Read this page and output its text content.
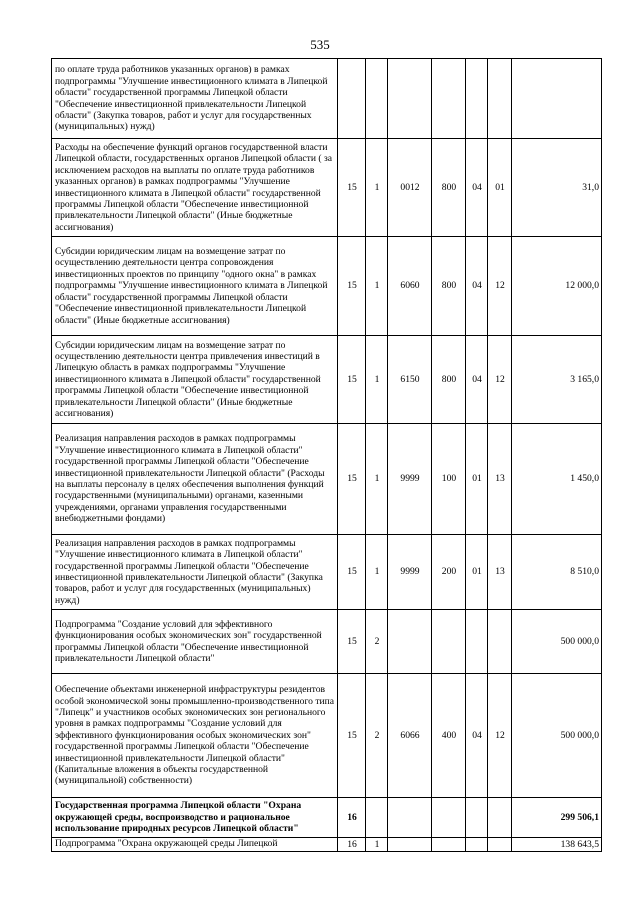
535
по оплате труда работников указанных органов) в рамках подпрограммы "Улучшение инвестиционного климата в Липецкой области" государственной программы Липецкой области "Обеспечение инвестиционной привлекательности Липецкой области" (Закупка товаров, работ и услуг для государственных (муниципальных) нужд)							
Расходы на обеспечение функций органов государственной власти Липецкой области, государственных органов Липецкой области ( за исключением расходов на выплаты по оплате труда работников указанных органов) в рамках подпрограммы "Улучшение инвестиционного климата в Липецкой области" государственной программы Липецкой области "Обеспечение инвестиционной привлекательности Липецкой области" (Иные бюджетные ассигнования)	15	1	0012	800	04	01	31,0
Субсидии юридическим лицам на возмещение затрат по осуществлению деятельности центра сопровождения инвестиционных проектов по принципу "одного окна" в рамках подпрограммы "Улучшение инвестиционного климата в Липецкой области" государственной программы Липецкой области "Обеспечение инвестиционной привлекательности Липецкой области" (Иные бюджетные ассигнования)	15	1	6060	800	04	12	12 000,0
Субсидии юридическим лицам на возмещение затрат по осуществлению деятельности центра привлечения инвестиций в Липецкую область в рамках подпрограммы "Улучшение инвестиционного климата в Липецкой области" государственной программы Липецкой области "Обеспечение инвестиционной привлекательности Липецкой области" (Иные бюджетные ассигнования)	15	1	6150	800	04	12	3 165,0
Реализация направления расходов в рамках подпрограммы "Улучшение инвестиционного климата в Липецкой области" государственной программы Липецкой области "Обеспечение инвестиционной привлекательности Липецкой области" (Расходы на выплаты персоналу в целях обеспечения выполнения функций государственными (муниципальными) органами, казенными учреждениями, органами управления государственными внебюджетными фондами)	15	1	9999	100	01	13	1 450,0
Реализация направления расходов в рамках подпрограммы "Улучшение инвестиционного климата в Липецкой области" государственной программы Липецкой области "Обеспечение инвестиционной привлекательности Липецкой области" (Закупка товаров, работ и услуг для государственных (муниципальных) нужд)	15	1	9999	200	01	13	8 510,0
Подпрограмма "Создание условий для эффективного функционирования особых экономических зон" государственной программы Липецкой области "Обеспечение инвестиционной привлекательности Липецкой области"	15	2					500 000,0
Обеспечение объектами инженерной инфраструктуры резидентов особой экономической зоны промышленно-производственного типа "Липецк" и участников особых экономических зон регионального уровня в рамках подпрограммы "Создание условий для эффективного функционирования особых экономических зон" государственной программы Липецкой области "Обеспечение инвестиционной привлекательности Липецкой области" (Капитальные вложения в объекты государственной (муниципальной) собственности)	15	2	6066	400	04	12	500 000,0
Государственная программа Липецкой области "Охрана окружающей среды, воспроизводство и рациональное использование природных ресурсов Липецкой области"	16						299 506,1
Подпрограмма "Охрана окружающей среды Липецкой	16	1					138 643,5
